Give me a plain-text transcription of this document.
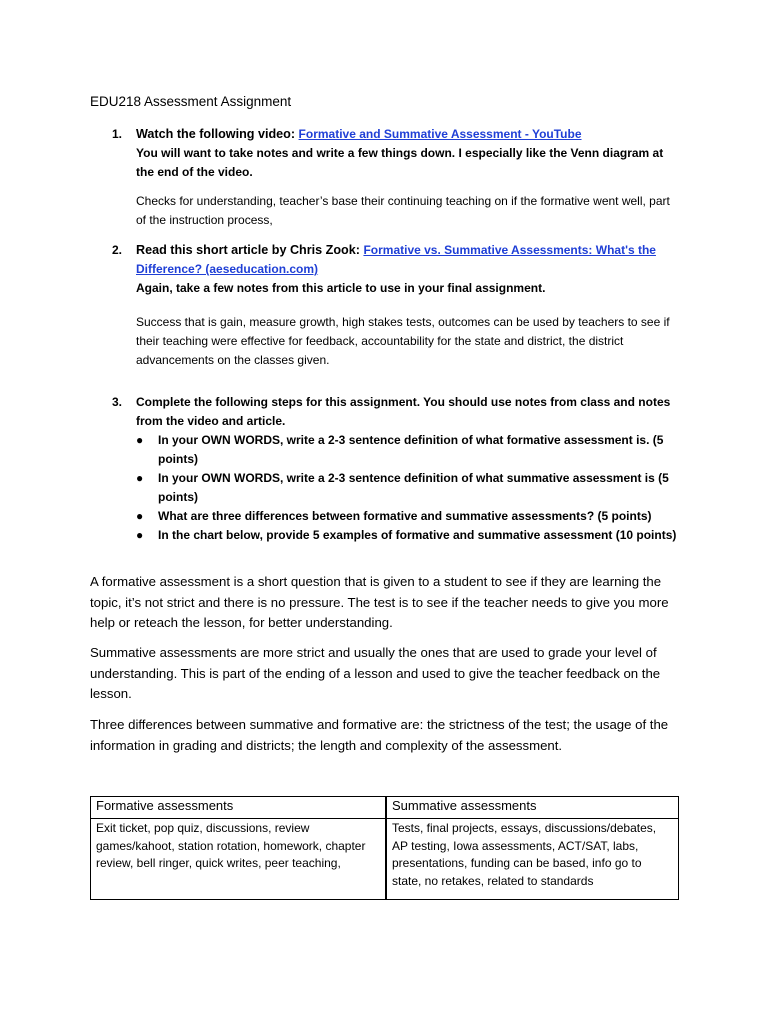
EDU218 Assessment Assignment
1. Watch the following video: Formative and Summative Assessment - YouTube
You will want to take notes and write a few things down. I especially like the Venn diagram at the end of the video.
Checks for understanding, teacher’s base their continuing teaching on if the formative went well, part of the instruction process,
2. Read this short article by Chris Zook: Formative vs. Summative Assessments: What's the Difference? (aeseducation.com)
Again, take a few notes from this article to use in your final assignment.
Success that is gain, measure growth, high stakes tests, outcomes can be used by teachers to see if their teaching were effective for feedback, accountability for the state and district, the district advancements on the classes given.
3. Complete the following steps for this assignment. You should use notes from class and notes from the video and article.
● In your OWN WORDS, write a 2-3 sentence definition of what formative assessment is. (5 points)
● In your OWN WORDS, write a 2-3 sentence definition of what summative assessment is (5 points)
● What are three differences between formative and summative assessments? (5 points)
● In the chart below, provide 5 examples of formative and summative assessment (10 points)
A formative assessment is a short question that is given to a student to see if they are learning the topic, it’s not strict and there is no pressure. The test is to see if the teacher needs to give you more help or reteach the lesson, for better understanding.
Summative assessments are more strict and usually the ones that are used to grade your level of understanding. This is part of the ending of a lesson and used to give the teacher feedback on the lesson.
Three differences between summative and formative are: the strictness of the test; the usage of the information in grading and districts; the length and complexity of the assessment.
Formative assessments	Summative assessments
Exit ticket, pop quiz, discussions, review games/kahoot, station rotation, homework, chapter review, bell ringer, quick writes, peer teaching,	Tests, final projects, essays, discussions/debates, AP testing, Iowa assessments, ACT/SAT, labs, presentations, funding can be based, info go to state, no retakes, related to standards
